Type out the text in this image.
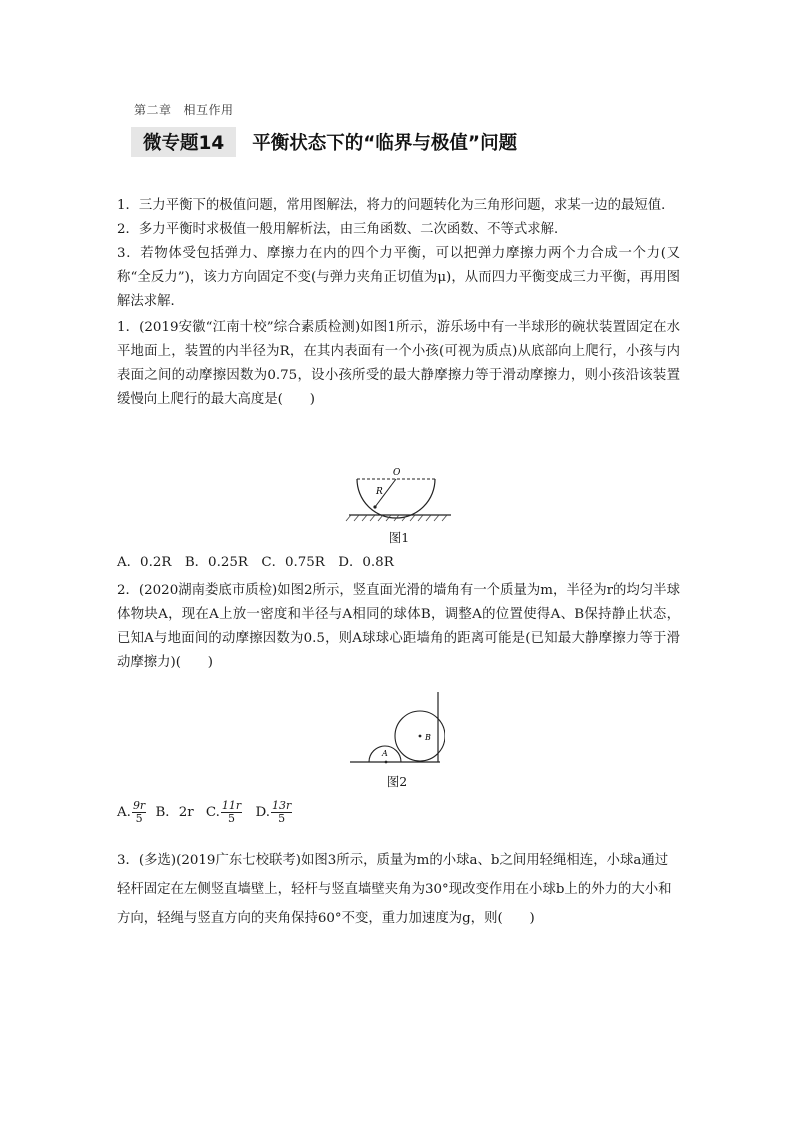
第二章 相互作用
微专题14	平衡状态下的“临界与极值”问题

1．三力平衡下的极值问题，常用图解法，将力的问题转化为三角形问题，求某一边的最短值．

2．多力平衡时求极值一般用解析法，由三角函数、二次函数、不等式求解．

3．若物体受包括弹力、摩擦力在内的四个力平衡，可以把弹力摩擦力两个力合成一个力(又称“全反力”)，该力方向固定不变(与弹力夹角正切值为μ)，从而四力平衡变成三力平衡，再用图解法求解．

1．(2019安徽“江南十校”综合素质检测)如图1所示，游乐场中有一半球形的碗状装置固定在水平地面上，装置的内半径为R，在其内表面有一个小孩(可视为质点)从底部向上爬行，小孩与内表面之间的动摩擦因数为0.75，设小孩所受的最大静摩擦力等于滑动摩擦力，则小孩沿该装置缓慢向上爬行的最大高度是(　　)

O
R
图1
A．0.2R　B．0.25R　C．0.75R　D．0.8R

2．(2020湖南娄底市质检)如图2所示，竖直面光滑的墙角有一个质量为m，半径为r的均匀半球体物块A，现在A上放一密度和半径与A相同的球体B，调整A的位置使得A、B保持静止状态，已知A与地面间的动摩擦因数为0.5，则A球球心距墙角的距离可能是(已知最大静摩擦力等于滑动摩擦力)(　　)

A
B
图2
A. $\frac{9r}{5}$ B．2r C. $\frac{11r}{5} D$. $\frac{13r}{5}$

3．(多选)(2019广东七校联考)如图3所示，质量为m的小球a、b之间用轻绳相连，小球a通过轻杆固定在左侧竖直墙壁上，轻杆与竖直墙壁夹角为30°现改变作用在小球b上的外力的大小和方向，轻绳与竖直方向的夹角保持60°不变，重力加速度为g，则(　　)
